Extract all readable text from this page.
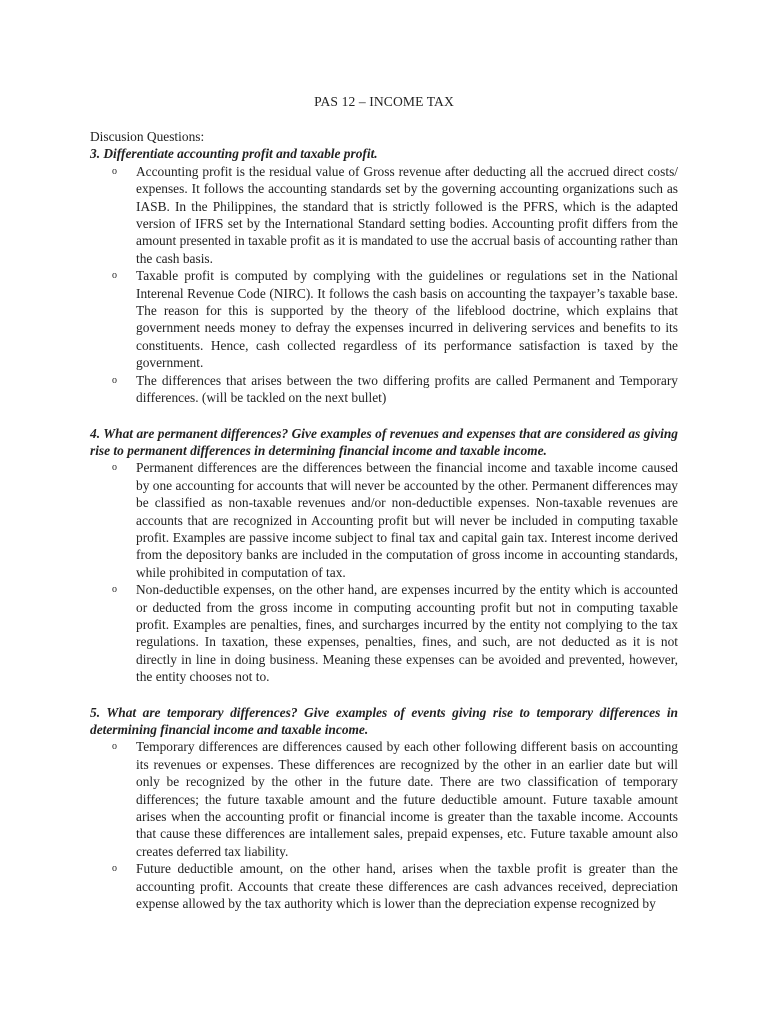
PAS 12 – INCOME TAX

Discusion Questions:

3. Differentiate accounting profit and taxable profit.

o Accounting profit is the residual value of Gross revenue after deducting all the accrued direct costs/ expenses. It follows the accounting standards set by the governing accounting organizations such as IASB. In the Philippines, the standard that is strictly followed is the PFRS, which is the adapted version of IFRS set by the International Standard setting bodies. Accounting profit differs from the amount presented in taxable profit as it is mandated to use the accrual basis of accounting rather than the cash basis.
o Taxable profit is computed by complying with the guidelines or regulations set in the National Interenal Revenue Code (NIRC). It follows the cash basis on accounting the taxpayer’s taxable base. The reason for this is supported by the theory of the lifeblood doctrine, which explains that government needs money to defray the expenses incurred in delivering services and benefits to its constituents. Hence, cash collected regardless of its performance satisfaction is taxed by the government.
o The differences that arises between the two differing profits are called Permanent and Temporary differences. (will be tackled on the next bullet)

4. What are permanent differences? Give examples of revenues and expenses that are considered as giving rise to permanent differences in determining financial income and taxable income.

o Permanent differences are the differences between the financial income and taxable income caused by one accounting for accounts that will never be accounted by the other. Permanent differences may be classified as non-taxable revenues and/or non-deductible expenses. Non-taxable revenues are accounts that are recognized in Accounting profit but will never be included in computing taxable profit. Examples are passive income subject to final tax and capital gain tax. Interest income derived from the depository banks are included in the computation of gross income in accounting standards, while prohibited in computation of tax.
o Non-deductible expenses, on the other hand, are expenses incurred by the entity which is accounted or deducted from the gross income in computing accounting profit but not in computing taxable profit. Examples are penalties, fines, and surcharges incurred by the entity not complying to the tax regulations. In taxation, these expenses, penalties, fines, and such, are not deducted as it is not directly in line in doing business. Meaning these expenses can be avoided and prevented, however, the entity chooses not to.

5. What are temporary differences? Give examples of events giving rise to temporary differences in determining financial income and taxable income.

o Temporary differences are differences caused by each other following different basis on accounting its revenues or expenses. These differences are recognized by the other in an earlier date but will only be recognized by the other in the future date. There are two classification of temporary differences; the future taxable amount and the future deductible amount. Future taxable amount arises when the accounting profit or financial income is greater than the taxable income. Accounts that cause these differences are intallement sales, prepaid expenses, etc. Future taxable amount also creates deferred tax liability.
o Future deductible amount, on the other hand, arises when the taxble profit is greater than the accounting profit. Accounts that create these differences are cash advances received, depreciation expense allowed by the tax authority which is lower than the depreciation expense recognized by
